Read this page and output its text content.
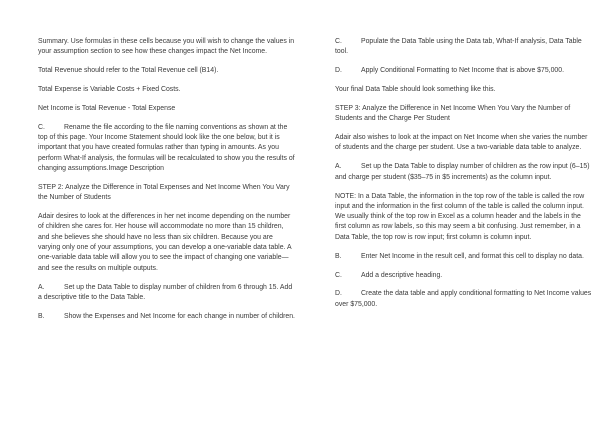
Summary. Use formulas in these cells because you will wish to change the values in your assumption section to see how these changes impact the Net Income.

Total Revenue should refer to the Total Revenue cell (B14).

Total Expense is Variable Costs + Fixed Costs.

Net Income is Total Revenue - Total Expense

C.	Rename the file according to the file naming conventions as shown at the top of this page. Your Income Statement should look like the one below, but it is important that you have created formulas rather than typing in amounts. As you perform What-If analysis, the formulas will be recalculated to show you the results of changing assumptions.Image Description

STEP 2: Analyze the Difference in Total Expenses and Net Income When You Vary the Number of Students

Adair desires to look at the differences in her net income depending on the number of children she cares for. Her house will accommodate no more than 15 children, and she believes she should have no less than six children. Because you are varying only one of your assumptions, you can develop a one-variable data table. A one-variable data table will allow you to see the impact of changing one variable—and see the results on multiple outputs.

A.	Set up the Data Table to display number of children from 6 through 15. Add a descriptive title to the Data Table.

B.	Show the Expenses and Net Income for each change in number of children.

C.	Populate the Data Table using the Data tab, What-If analysis, Data Table tool.

D.	Apply Conditional Formatting to Net Income that is above $75,000.

Your final Data Table should look something like this.

STEP 3: Analyze the Difference in Net Income When You Vary the Number of Students and the Charge Per Student

Adair also wishes to look at the impact on Net Income when she varies the number of students and the charge per student. Use a two-variable data table to analyze.

A.	Set up the Data Table to display number of children as the row input (6–15) and charge per student ($35–75 in $5 increments) as the column input.

NOTE: In a Data Table, the information in the top row of the table is called the row input and the information in the first column of the table is called the column input. We usually think of the top row in Excel as a column header and the labels in the first column as row labels, so this may seem a bit confusing. Just remember, in a Data Table, the top row is row input; first column is column input.

B.	Enter Net Income in the result cell, and format this cell to display no data.

C.	Add a descriptive heading.

D.	Create the data table and apply conditional formatting to Net Income values over $75,000.
